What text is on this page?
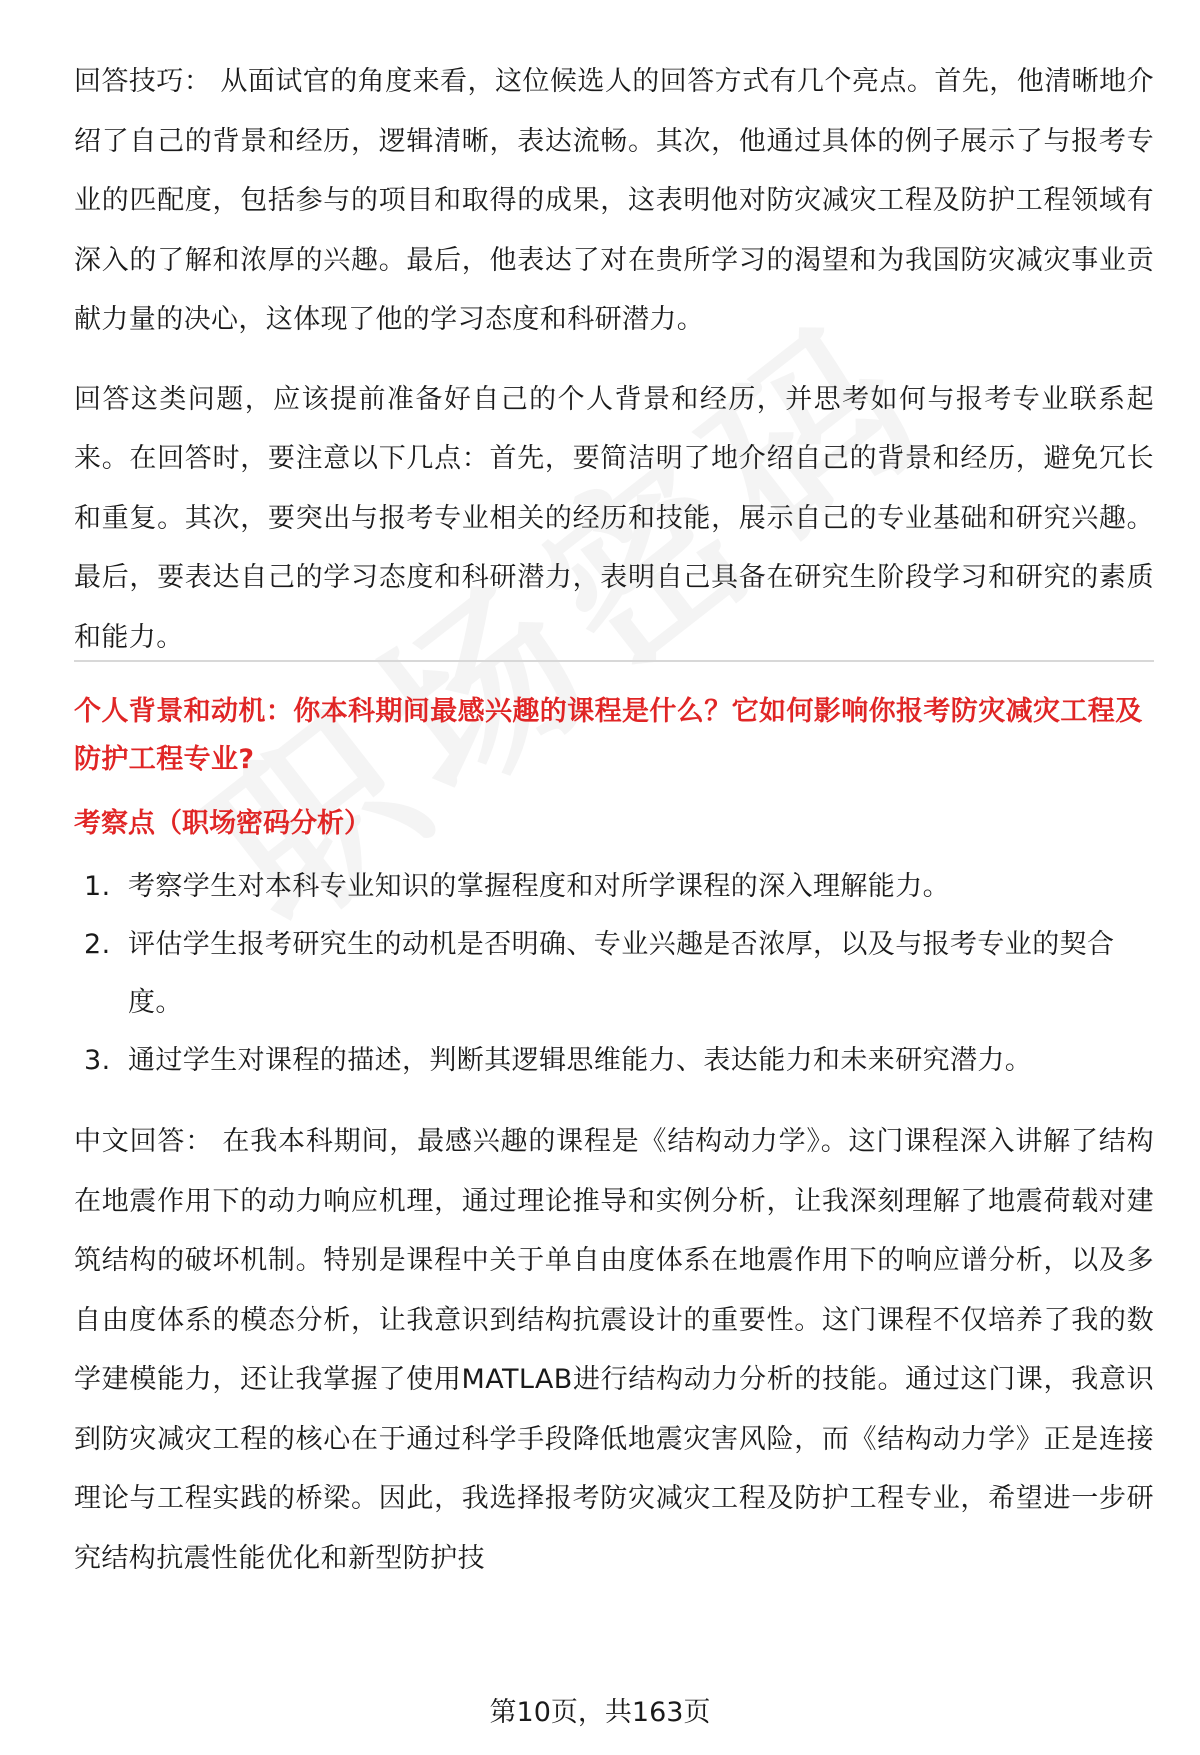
回答技巧： 从面试官的角度来看，这位候选人的回答方式有几个亮点。首先，他清晰地介绍了自己的背景和经历，逻辑清晰，表达流畅。其次，他通过具体的例子展示了与报考专业的匹配度，包括参与的项目和取得的成果，这表明他对防灾减灾工程及防护工程领域有深入的了解和浓厚的兴趣。最后，他表达了对在贵所学习的渴望和为我国防灾减灾事业贡献力量的决心，这体现了他的学习态度和科研潜力。

回答这类问题，应该提前准备好自己的个人背景和经历，并思考如何与报考专业联系起来。在回答时，要注意以下几点：首先，要简洁明了地介绍自己的背景和经历，避免冗长和重复。其次，要突出与报考专业相关的经历和技能，展示自己的专业基础和研究兴趣。最后，要表达自己的学习态度和科研潜力，表明自己具备在研究生阶段学习和研究的素质和能力。

个人背景和动机：你本科期间最感兴趣的课程是什么？它如何影响你报考防灾减灾工程及防护工程专业?

考察点（职场密码分析）

1. 考察学生对本科专业知识的掌握程度和对所学课程的深入理解能力。
2. 评估学生报考研究生的动机是否明确、专业兴趣是否浓厚，以及与报考专业的契合度。
3. 通过学生对课程的描述，判断其逻辑思维能力、表达能力和未来研究潜力。

中文回答： 在我本科期间，最感兴趣的课程是《结构动力学》。这门课程深入讲解了结构在地震作用下的动力响应机理，通过理论推导和实例分析，让我深刻理解了地震荷载对建筑结构的破坏机制。特别是课程中关于单自由度体系在地震作用下的响应谱分析，以及多自由度体系的模态分析，让我意识到结构抗震设计的重要性。这门课程不仅培养了我的数学建模能力，还让我掌握了使用MATLAB进行结构动力分析的技能。通过这门课，我意识到防灾减灾工程的核心在于通过科学手段降低地震灾害风险，而《结构动力学》正是连接理论与工程实践的桥梁。因此，我选择报考防灾减灾工程及防护工程专业，希望进一步研究结构抗震性能优化和新型防护技

第10页，共163页
